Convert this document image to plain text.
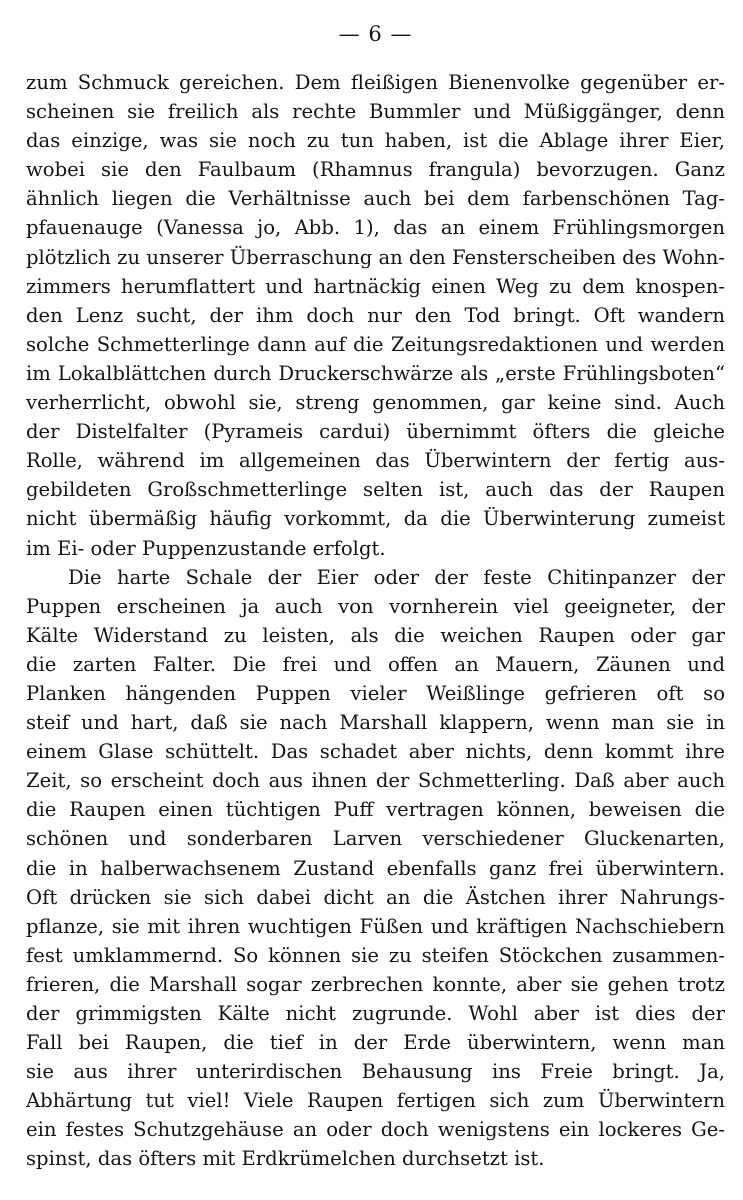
— 6 —

zum Schmuck gereichen. Dem fleißigen Bienenvolke gegenüber er-
scheinen sie freilich als rechte Bummler und Müßiggänger, denn
das einzige, was sie noch zu tun haben, ist die Ablage ihrer Eier,
wobei sie den Faulbaum (Rhamnus frangula) bevorzugen. Ganz
ähnlich liegen die Verhältnisse auch bei dem farbenschönen Tag-
pfauenauge (Vanessa jo, Abb. 1), das an einem Frühlingsmorgen
plötzlich zu unserer Überraschung an den Fensterscheiben des Wohn-
zimmers herumflattert und hartnäckig einen Weg zu dem knospen-
den Lenz sucht, der ihm doch nur den Tod bringt. Oft wandern
solche Schmetterlinge dann auf die Zeitungsredaktionen und werden
im Lokalblättchen durch Druckerschwärze als „erste Frühlingsboten“
verherrlicht, obwohl sie, streng genommen, gar keine sind. Auch
der Distelfalter (Pyrameis cardui) übernimmt öfters die gleiche
Rolle, während im allgemeinen das Überwintern der fertig aus-
gebildeten Großschmetterlinge selten ist, auch das der Raupen
nicht übermäßig häufig vorkommt, da die Überwinterung zumeist
im Ei- oder Puppenzustande erfolgt.

Die harte Schale der Eier oder der feste Chitinpanzer der
Puppen erscheinen ja auch von vornherein viel geeigneter, der
Kälte Widerstand zu leisten, als die weichen Raupen oder gar
die zarten Falter. Die frei und offen an Mauern, Zäunen und
Planken hängenden Puppen vieler Weißlinge gefrieren oft so
steif und hart, daß sie nach Marshall klappern, wenn man sie in
einem Glase schüttelt. Das schadet aber nichts, denn kommt ihre
Zeit, so erscheint doch aus ihnen der Schmetterling. Daß aber auch
die Raupen einen tüchtigen Puff vertragen können, beweisen die
schönen und sonderbaren Larven verschiedener Gluckenarten,
die in halberwachsenem Zustand ebenfalls ganz frei überwintern.
Oft drücken sie sich dabei dicht an die Ästchen ihrer Nahrungs-
pflanze, sie mit ihren wuchtigen Füßen und kräftigen Nachschiebern
fest umklammernd. So können sie zu steifen Stöckchen zusammen-
frieren, die Marshall sogar zerbrechen konnte, aber sie gehen trotz
der grimmigsten Kälte nicht zugrunde. Wohl aber ist dies der
Fall bei Raupen, die tief in der Erde überwintern, wenn man
sie aus ihrer unterirdischen Behausung ins Freie bringt. Ja,
Abhärtung tut viel! Viele Raupen fertigen sich zum Überwintern
ein festes Schutzgehäuse an oder doch wenigstens ein lockeres Ge-
spinst, das öfters mit Erdkrümelchen durchsetzt ist.
